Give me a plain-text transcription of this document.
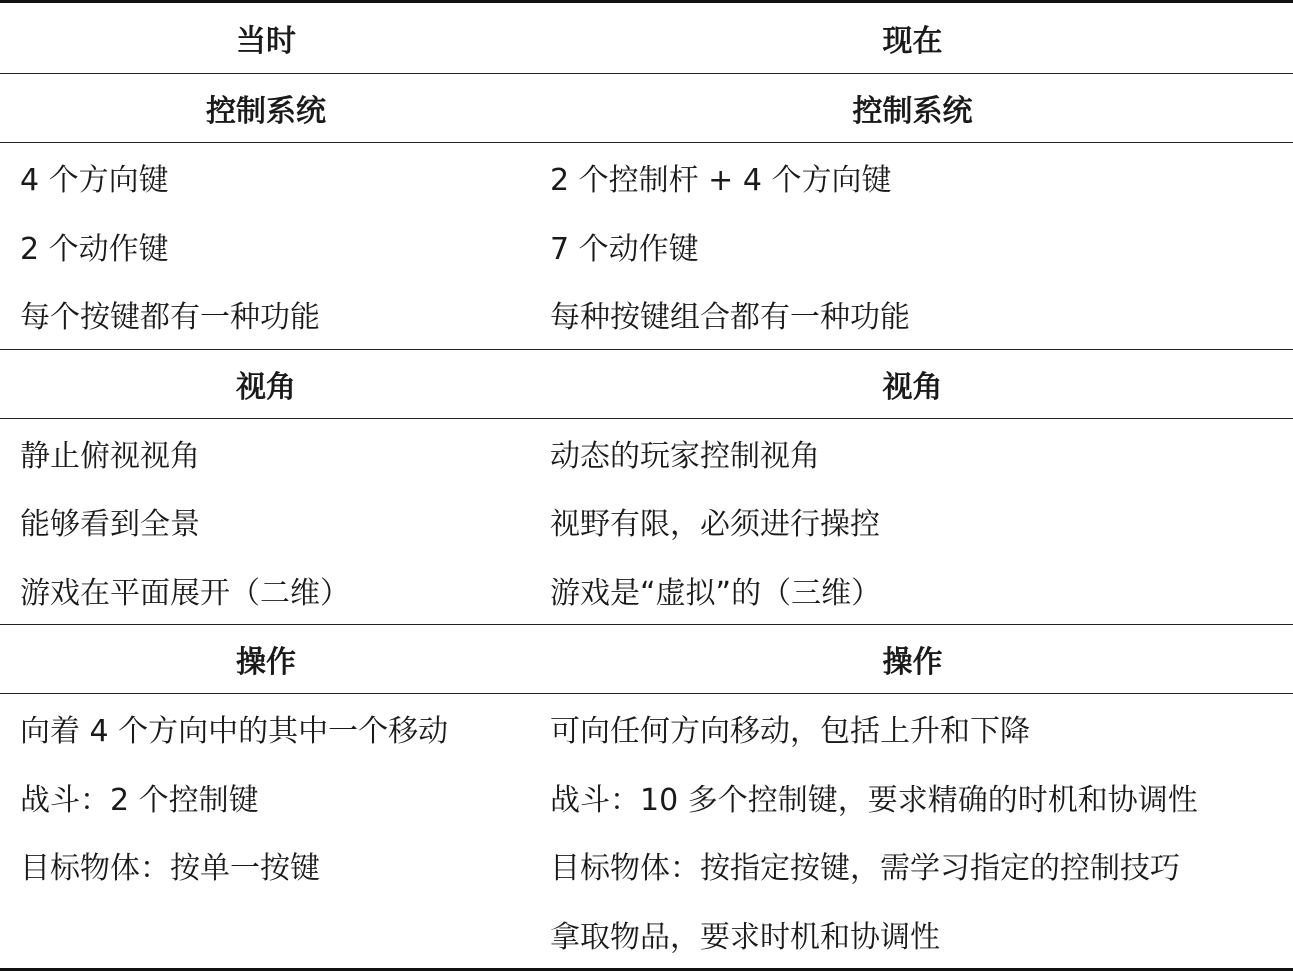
当时	现在
控制系统	控制系统
4 个方向键	2 个控制杆 + 4 个方向键
2 个动作键	7 个动作键
每个按键都有一种功能	每种按键组合都有一种功能
视角	视角
静止俯视视角	动态的玩家控制视角
能够看到全景	视野有限，必须进行操控
游戏在平面展开（二维）	游戏是“虚拟”的（三维）
操作	操作
向着 4 个方向中的其中一个移动	可向任何方向移动，包括上升和下降
战斗：2 个控制键	战斗：10 多个控制键，要求精确的时机和协调性
目标物体：按单一按键	目标物体：按指定按键，需学习指定的控制技巧
	拿取物品，要求时机和协调性
